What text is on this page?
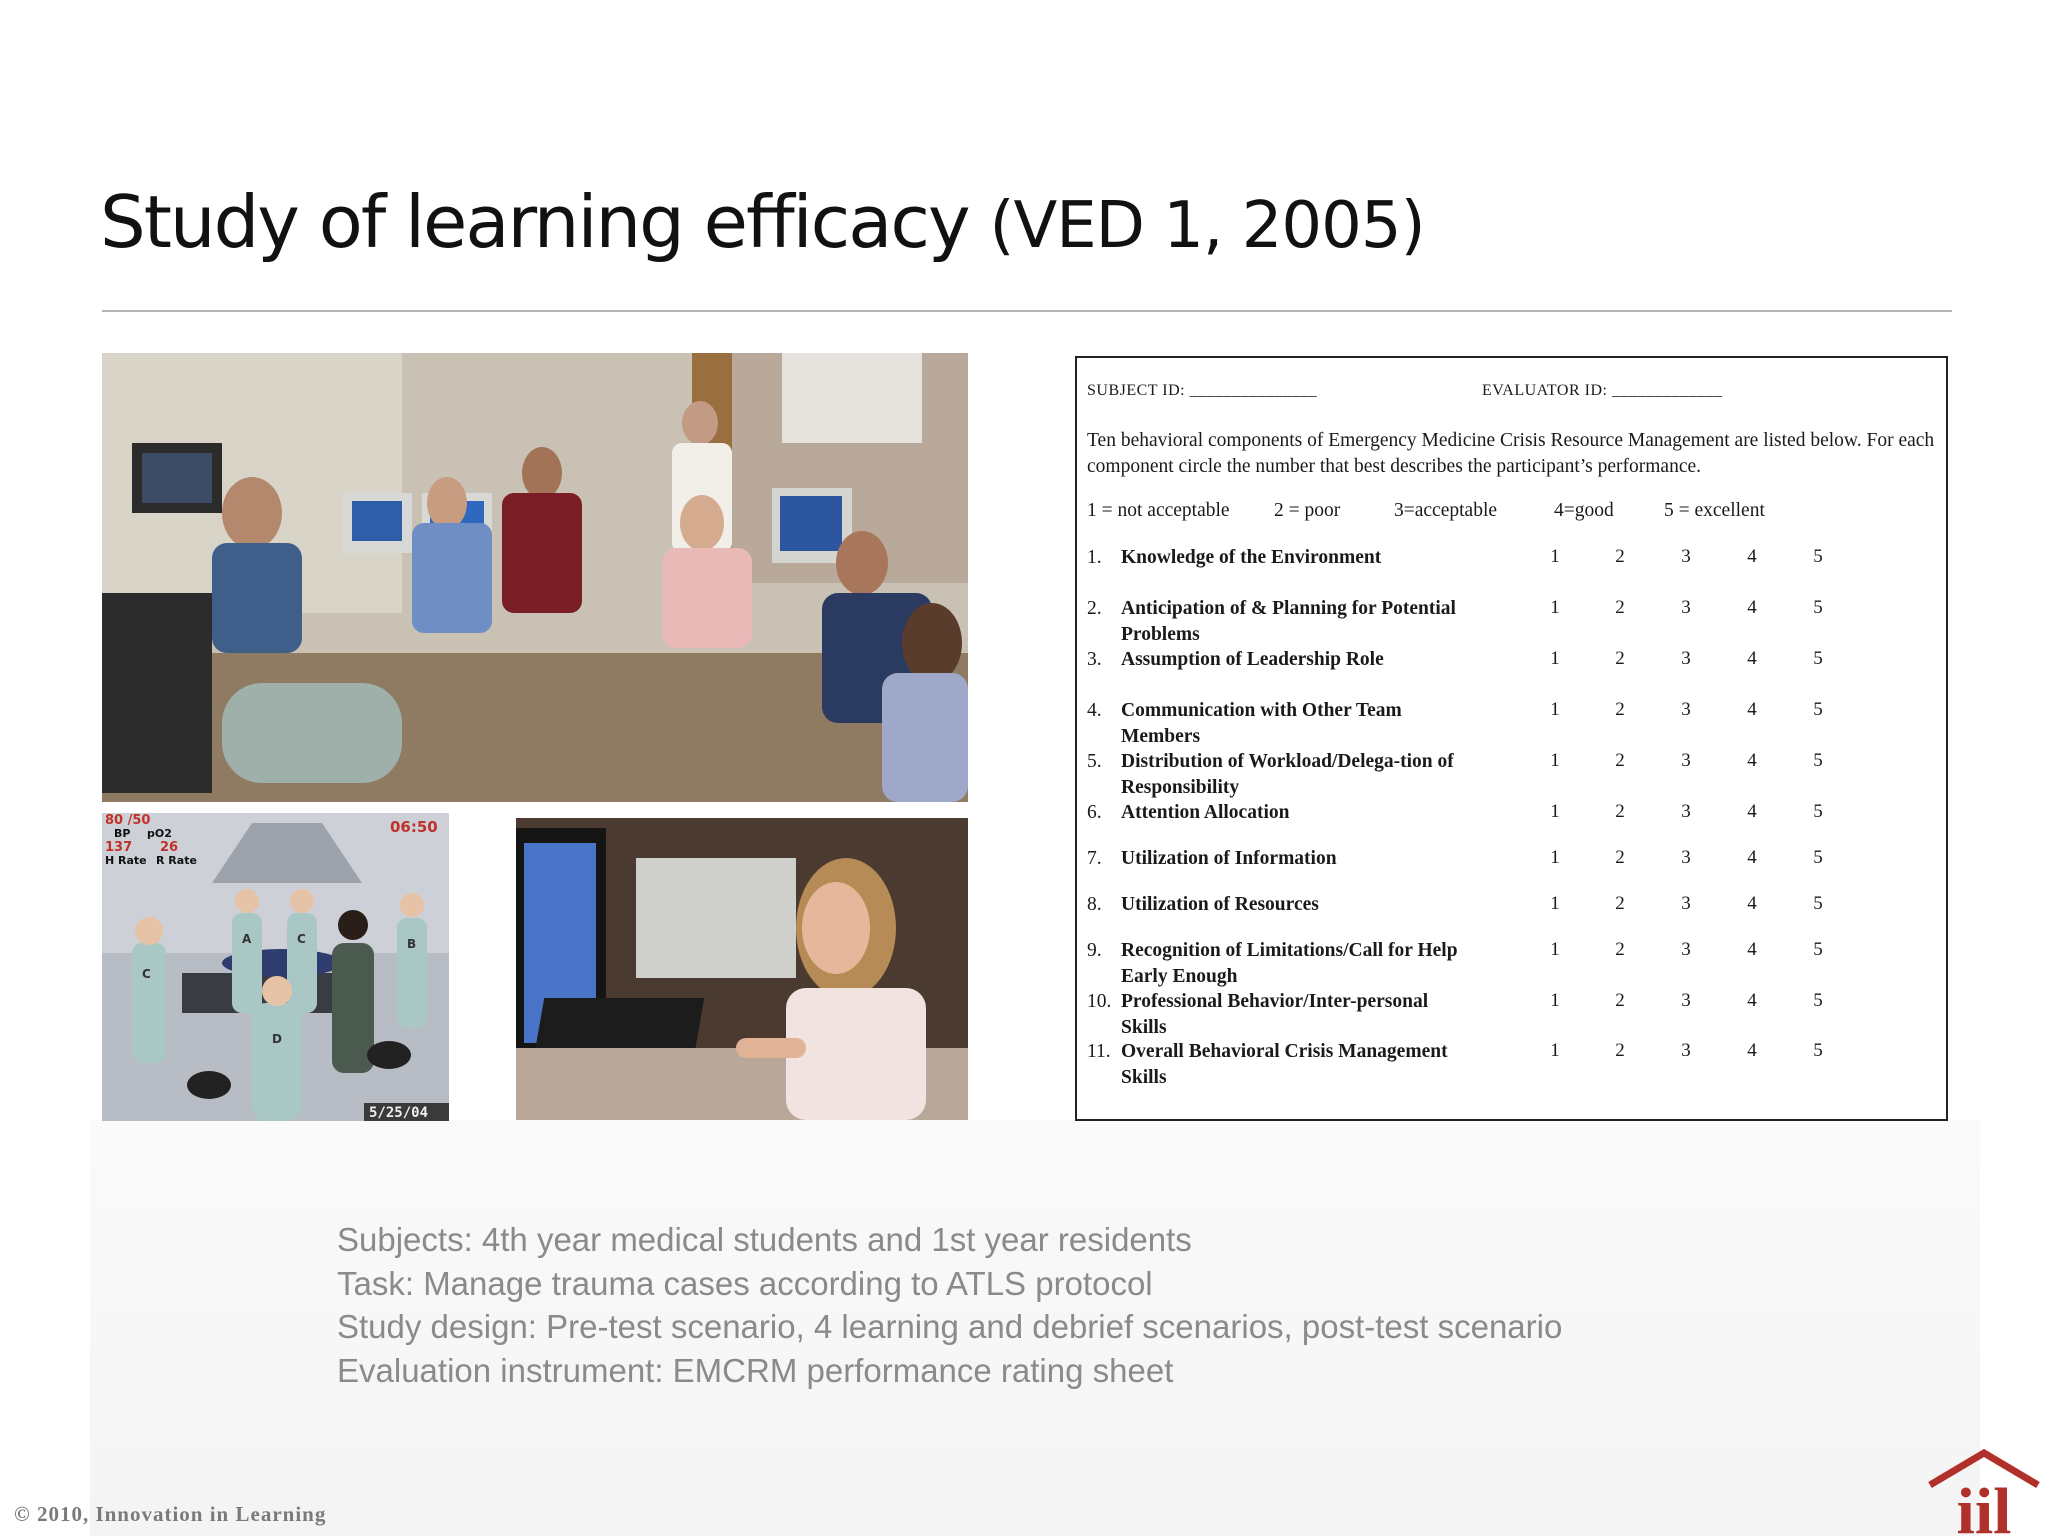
Study of learning efficacy (VED 1, 2005)
80 /50
137 26
06:50
BP pO2
H Rate R Rate
5/25/04
A	C	B
D
C
SUBJECT ID: _______________	EVALUATOR ID: _____________
Ten behavioral components of Emergency Medicine Crisis Resource Management are listed below. For each component circle the number that best describes the participant’s performance.
1 = not acceptable 2 = poor	3=acceptable	4=good	5 = excellent
1. Knowledge of the Environment	1	2	3	4	5
2. Anticipation of & Planning for Potential Problems
1	2	3	4	5
3. Assumption of Leadership Role	1	2	3	4	5
4. Communication with Other Team Members
1	2	3	4	5
5. Distribution of Workload/Delega-tion of Responsibility
1	2	3	4	5
6. Attention Allocation	1	2	3	4	5
7. Utilization of Information	1	2	3	4	5
8. Utilization of Resources	1	2	3	4	5
9. Recognition of Limitations/Call for Help Early Enough
1	2	3	4	5
10. Professional Behavior/Inter-personal Skills
1	2	3	4	5
11. Overall Behavioral Crisis Management Skills
1	2	3	4	5
Subjects: 4th year medical students and 1st year residents
Task: Manage trauma cases according to ATLS protocol
Study design: Pre-test scenario, 4 learning and debrief scenarios, post-test scenario
Evaluation instrument: EMCRM performance rating sheet
© 2010, Innovation in Learning	iil
